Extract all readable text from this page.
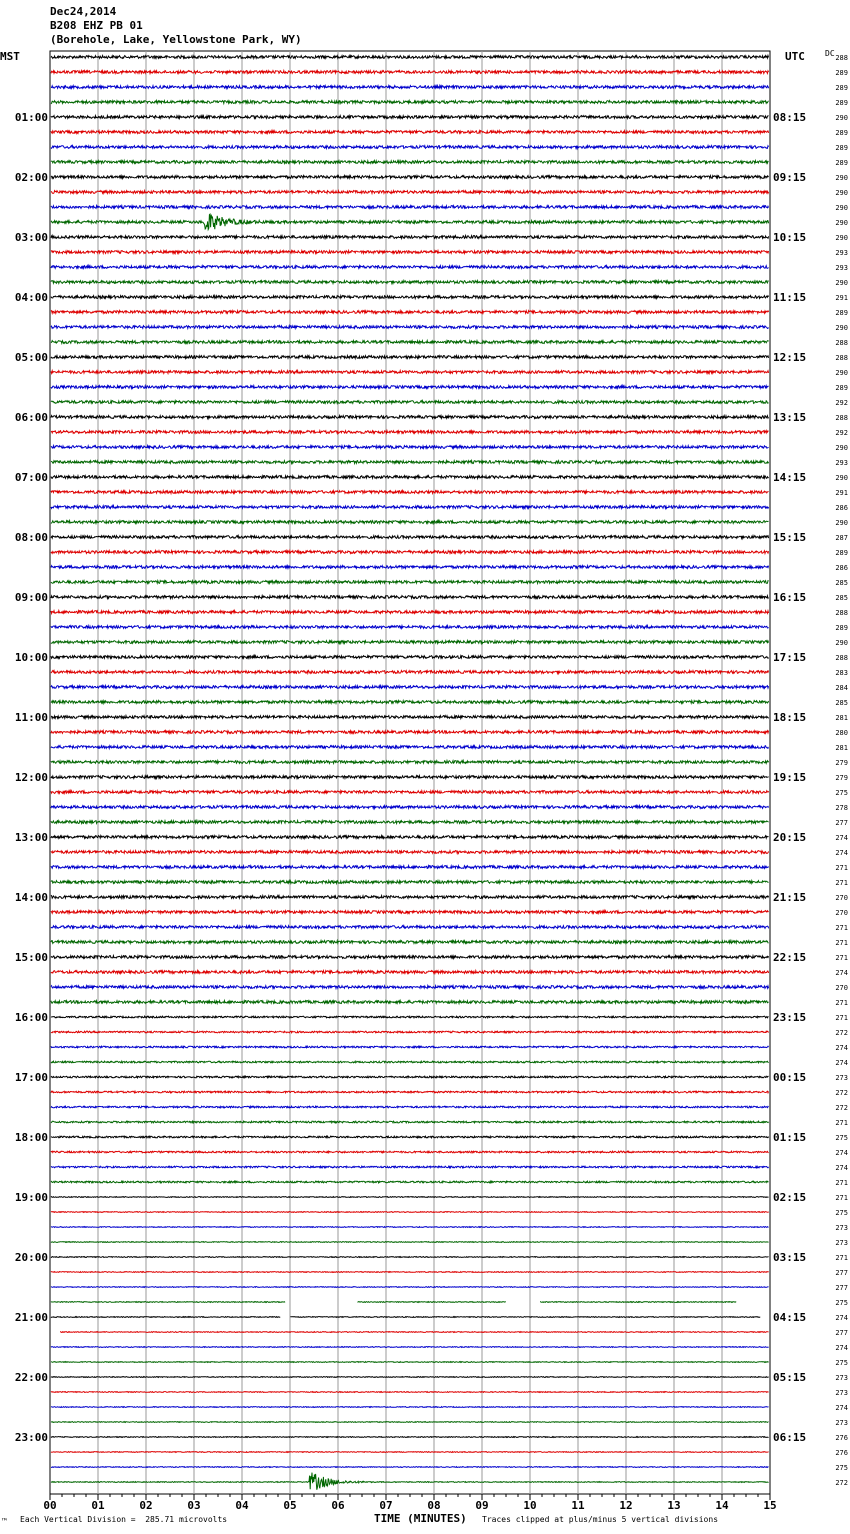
Dec24,2014
B208 EHZ PB 01
(Borehole, Lake, Yellowstone Park, WY)
MST	UTC	DC
00	01	02	03	04	05	06	07	08	09	10	11	12	13	14	15
288
289
289
289
290
289
289
289
290
290
290
290
290
293
293
290
291
289
290
288
288
290
289
292
288
292
290
293
290
291
286
290
287
289
286
285
285
288
289
290
288
283
284
285
281
280
281
279
279
275
278
277
274
274
271
271
270
270
271
271
271
274
270
271
271
272
274
274
273
272
272
271
275
274
274
271
271
275
273
273
271
277
277
275
274
277
274
275
273
273
274
273
276
276
275
272
01:00	08:15
02:00	09:15
03:00	10:15
04:00	11:15
05:00	12:15
06:00	13:15
07:00	14:15
08:00	15:15
09:00	16:15
10:00	17:15
11:00	18:15
12:00	19:15
13:00	20:15
14:00	21:15
15:00	22:15
16:00	23:15
17:00	00:15
18:00	01:15
19:00	02:15
20:00	03:15
21:00	04:15
22:00	05:15
23:00	06:15
™ Each Vertical Division =  285.71 microvolts	TIME (MINUTES) Traces clipped at plus/minus 5 vertical divisions
